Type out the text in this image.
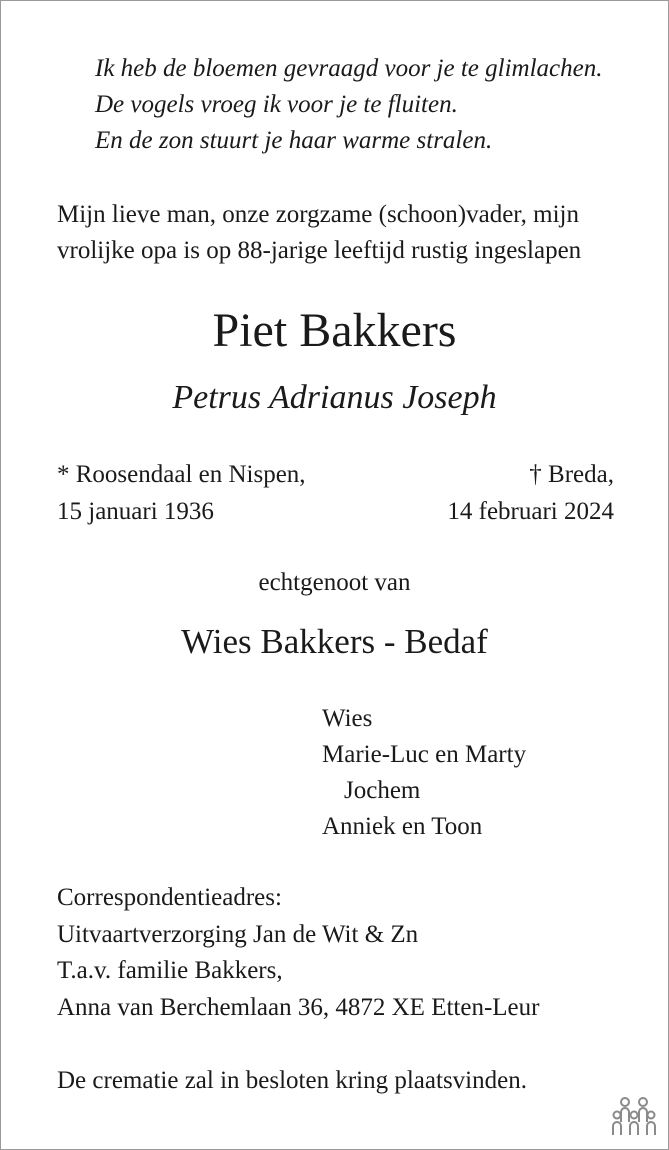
Ik heb de bloemen gevraagd voor je te glimlachen.
De vogels vroeg ik voor je te fluiten.
En de zon stuurt je haar warme stralen.
Mijn lieve man, onze zorgzame (schoon)vader, mijn
vrolijke opa is op 88-jarige leeftijd rustig ingeslapen
Piet Bakkers
Petrus Adrianus Joseph
* Roosendaal en Nispen,
15 januari 1936
† Breda,
14 februari 2024
echtgenoot van
Wies Bakkers - Bedaf
Wies
Marie-Luc en Marty
Jochem
Anniek en Toon
Correspondentieadres:
Uitvaartverzorging Jan de Wit & Zn
T.a.v. familie Bakkers,
Anna van Berchemlaan 36, 4872 XE Etten-Leur
De crematie zal in besloten kring plaatsvinden.
